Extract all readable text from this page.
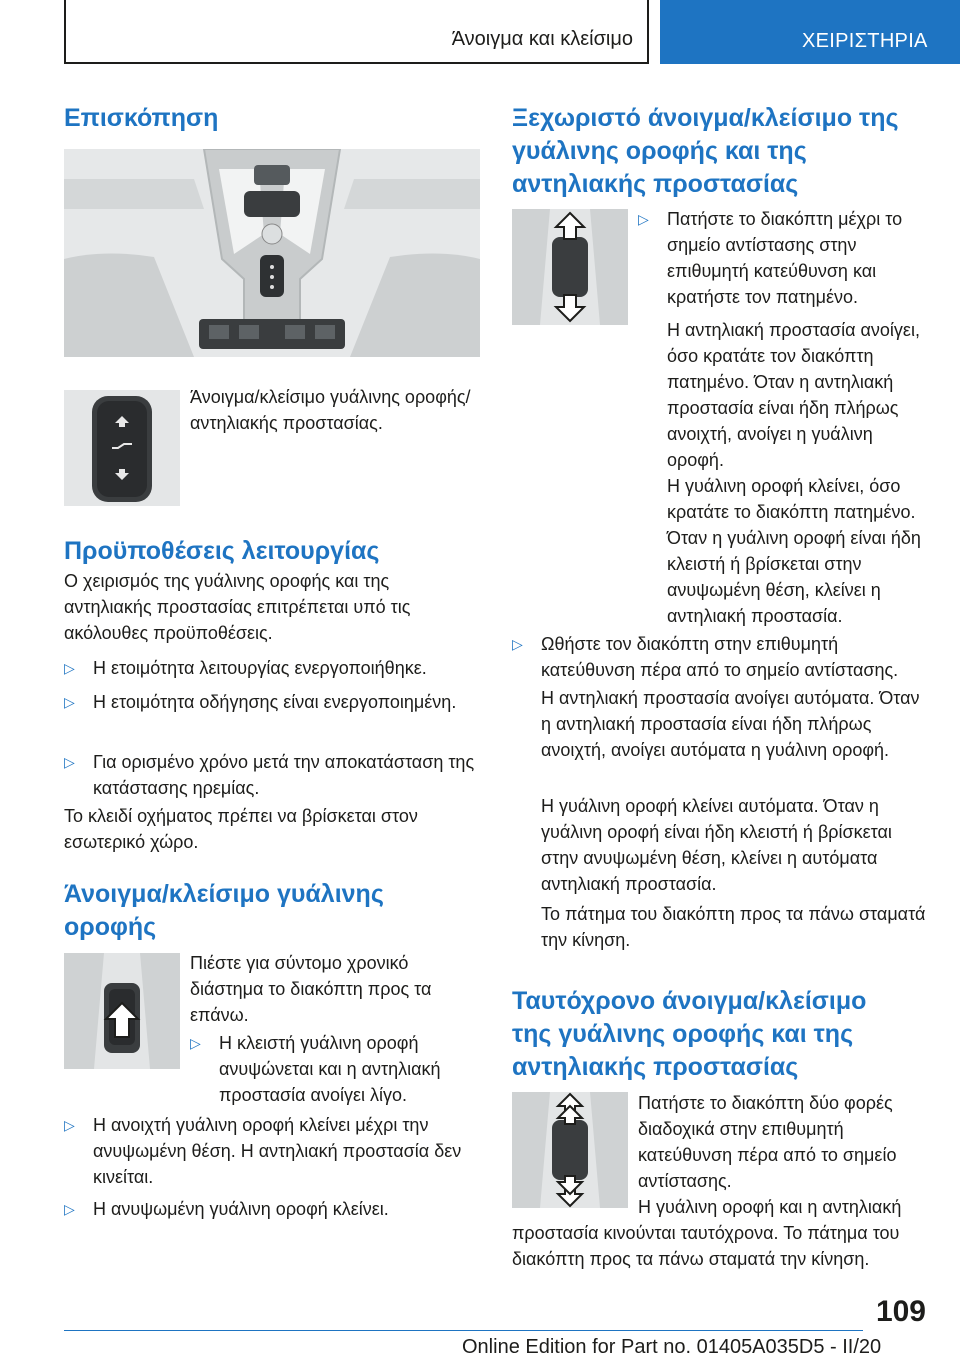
Άνοιγμα και κλείσιμο	ΧΕΙΡΙΣΤΗΡΙΑ
Επισκόπηση

Άνοιγμα/κλείσιμο γυάλινης οροφής/αντηλιακής προστασίας.

Προϋποθέσεις λειτουργίας

Ο χειρισμός της γυάλινης οροφής και της αντηλιακής προστασίας επιτρέπεται υπό τις ακόλουθες προϋποθέσεις.

▷	Η ετοιμότητα λειτουργίας ενεργοποιήθηκε.
▷	Η ετοιμότητα οδήγησης είναι ενεργοποιημένη.
▷	Για ορισμένο χρόνο μετά την αποκατάσταση της κατάστασης ηρεμίας.

Το κλειδί οχήματος πρέπει να βρίσκεται στον εσωτερικό χώρο.

Άνοιγμα/κλείσιμο γυάλινης οροφής

Πιέστε για σύντομο χρονικό διάστημα το διακόπτη προς τα επάνω.

▷	Η κλειστή γυάλινη οροφή ανυψώνεται και η αντηλιακή προστασία ανοίγει λίγο.
▷	Η ανοιχτή γυάλινη οροφή κλείνει μέχρι την ανυψωμένη θέση. Η αντηλιακή προστασία δεν κινείται.
▷	Η ανυψωμένη γυάλινη οροφή κλείνει.
Ξεχωριστό άνοιγμα/κλείσιμο της γυάλινης οροφής και της αντηλιακής προστασίας
▷	Πατήστε το διακόπτη μέχρι το σημείο αντίστασης στην επιθυμητή κατεύθυνση και κρατήστε τον πατημένο.

Η αντηλιακή προστασία ανοίγει, όσο κρατάτε τον διακόπτη πατημένο. Όταν η αντηλιακή προστασία είναι ήδη πλήρως ανοιχτή, ανοίγει η γυάλινη οροφή.

Η γυάλινη οροφή κλείνει, όσο κρατάτε το διακόπτη πατημένο. Όταν η γυάλινη οροφή είναι ήδη κλειστή ή βρίσκεται στην ανυψωμένη θέση, κλείνει η αντηλιακή προστασία.

▷	Ωθήστε τον διακόπτη στην επιθυμητή κατεύθυνση πέρα από το σημείο αντίστασης.

Η αντηλιακή προστασία ανοίγει αυτόματα. Όταν η αντηλιακή προστασία είναι ήδη πλήρως ανοιχτή, ανοίγει αυτόματα η γυάλινη οροφή.

Η γυάλινη οροφή κλείνει αυτόματα. Όταν η γυάλινη οροφή είναι ήδη κλειστή ή βρίσκεται στην ανυψωμένη θέση, κλείνει η αυτόματα αντηλιακή προστασία.

Το πάτημα του διακόπτη προς τα πάνω σταματά την κίνηση.

Ταυτόχρονο άνοιγμα/κλείσιμο της γυάλινης οροφής και της αντηλιακής προστασίας

Πατήστε το διακόπτη δύο φορές διαδοχικά στην επιθυμητή κατεύθυνση πέρα από το σημείο αντίστασης.

Η γυάλινη οροφή και η αντηλιακή προστασία κινούνται ταυτόχρονα. Το πάτημα του διακόπτη προς τα πάνω σταματά την κίνηση.

109
Online Edition for Part no. 01405A035D5 - II/20
